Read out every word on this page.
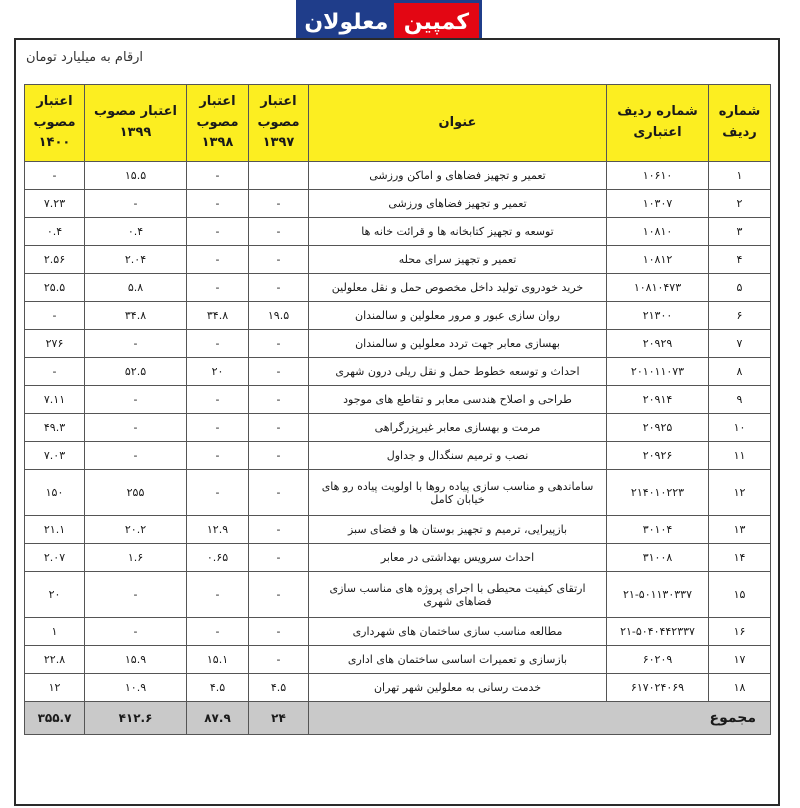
کمپین
معلولان
ارقام به میلیارد تومان
شماره ردیف	شماره ردیف اعتباری	عنوان	اعتبار مصوب ۱۳۹۷	اعتبار مصوب ۱۳۹۸	اعتبار مصوب ۱۳۹۹	اعتبار مصوب ۱۴۰۰
۱	۱۰۶۱۰	تعمیر و تجهیز فضاهای و اماکن ورزشی		-	۱۵.۵	-
۲	۱۰۳۰۷	تعمیر و تجهیز فضاهای ورزشی	-	-	-	۷.۲۳
۳	۱۰۸۱۰	توسعه و تجهیز کتابخانه ها و قرائت خانه ها	-	-	۰.۴	۰.۴
۴	۱۰۸۱۲	تعمیر و تجهیز سرای محله	-	-	۲.۰۴	۲.۵۶
۵	۱۰۸۱۰۴۷۳	خرید خودروی تولید داخل مخصوص حمل و نقل معلولین	-	-	۵.۸	۲۵.۵
۶	۲۱۳۰۰	روان سازی عبور و مرور معلولین و سالمندان	۱۹.۵	۳۴.۸	۳۴.۸	-
۷	۲۰۹۲۹	بهسازی معابر جهت تردد معلولین و سالمندان	-	-	-	۲۷۶
۸	۲۰۱۰۱۱۰۷۳	احداث و توسعه خطوط حمل و نقل ریلی درون شهری	-	۲۰	۵۲.۵	-
۹	۲۰۹۱۴	طراحی و اصلاح هندسی معابر و تقاطع های موجود	-	-	-	۷.۱۱
۱۰	۲۰۹۲۵	مرمت و بهسازی معابر غیرپزرگراهی	-	-	-	۴۹.۳
۱۱	۲۰۹۲۶	نصب و ترمیم سنگدال و جداول	-	-	-	۷.۰۳
۱۲	۲۱۴۰۱۰۲۲۳	ساماندهی و مناسب سازی پیاده روها با اولویت پیاده رو های خیابان کامل	-	-	۲۵۵	۱۵۰
۱۳	۳۰۱۰۴	بازپیرایی، ترمیم و تجهیز بوستان ها و فضای سبز	-	۱۲.۹	۲۰.۲	۲۱.۱
۱۴	۳۱۰۰۸	احداث سرویس بهداشتی در معابر	-	۰.۶۵	۱.۶	۲.۰۷
۱۵	۲۱-۵۰۱۱۳۰۳۳۷	ارتقای کیفیت محیطی با اجرای پروژه های مناسب سازی فضاهای شهری	-	-	-	۲۰
۱۶	۲۱-۵۰۴۰۴۴۲۳۳۷	مطالعه مناسب سازی ساختمان های شهرداری	-	-	-	۱
۱۷	۶۰۲۰۹	بازسازی و تعمیرات اساسی ساختمان های اداری	-	۱۵.۱	۱۵.۹	۲۲.۸
۱۸	۶۱۷۰۲۴۰۶۹	خدمت رسانی به معلولین شهر تهران	۴.۵	۴.۵	۱۰.۹	۱۲
مجموع			۲۴	۸۷.۹	۴۱۲.۶	۳۵۵.۷
